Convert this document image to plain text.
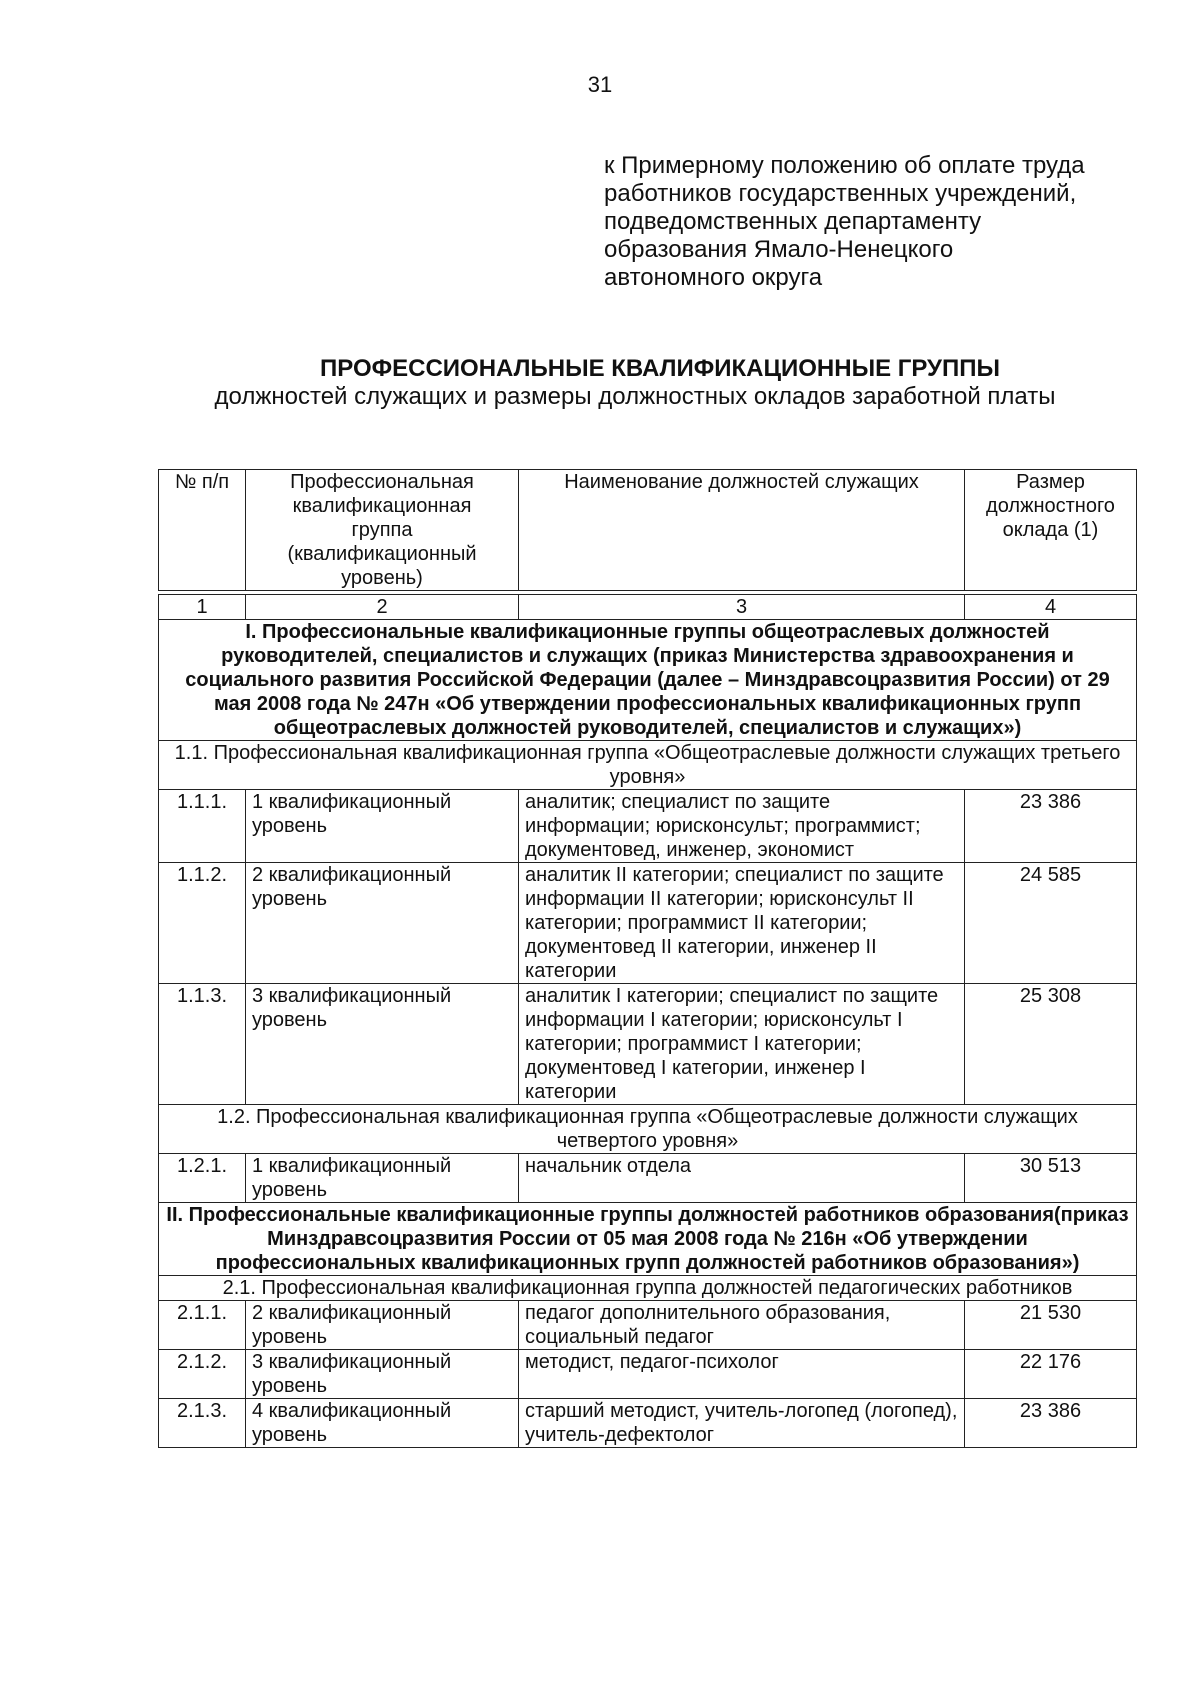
31
к Примерному положению об оплате труда
работников государственных учреждений,
подведомственных департаменту
образования Ямало-Ненецкого
автономного округа
ПРОФЕССИОНАЛЬНЫЕ КВАЛИФИКАЦИОННЫЕ ГРУППЫ
должностей служащих и размеры должностных окладов заработной платы
№ п/п	Профессиональная квалификационная группа (квалификационный уровень)	Наименование должностей служащих	Размер должностного оклада (1)

1	2	3	4
I. Профессиональные квалификационные группы общеотраслевых должностей руководителей, специалистов и служащих (приказ Министерства здравоохранения и социального развития Российской Федерации (далее – Минздравсоцразвития России) от 29 мая 2008 года № 247н «Об утверждении профессиональных квалификационных групп общеотраслевых должностей руководителей, специалистов и служащих»)			
1.1. Профессиональная квалификационная группа «Общеотраслевые должности служащих третьего уровня»			
1.1.1.	1 квалификационный уровень	аналитик; специалист по защите информации; юрисконсульт; программист; документовед, инженер, экономист	23 386
1.1.2.	2 квалификационный уровень	аналитик II категории; специалист по защите информации II категории; юрисконсульт II категории; программист II категории; документовед II категории, инженер II категории	24 585
1.1.3.	3 квалификационный уровень	аналитик I категории; специалист по защите информации I категории; юрисконсульт I категории; программист I категории; документовед I категории, инженер I категории	25 308
1.2. Профессиональная квалификационная группа «Общеотраслевые должности служащих четвертого уровня»			
1.2.1.	1 квалификационный уровень	начальник отдела	30 513
II. Профессиональные квалификационные группы должностей работников образования(приказ Минздравсоцразвития России от 05 мая 2008 года № 216н «Об утверждении профессиональных квалификационных групп должностей работников образования»)			
2.1. Профессиональная квалификационная группа должностей педагогических работников			
2.1.1.	2 квалификационный уровень	педагог дополнительного образования, социальный педагог	21 530
2.1.2.	3 квалификационный уровень	методист, педагог-психолог	22 176
2.1.3.	4 квалификационный уровень	старший методист, учитель-логопед (логопед), учитель-дефектолог	23 386
